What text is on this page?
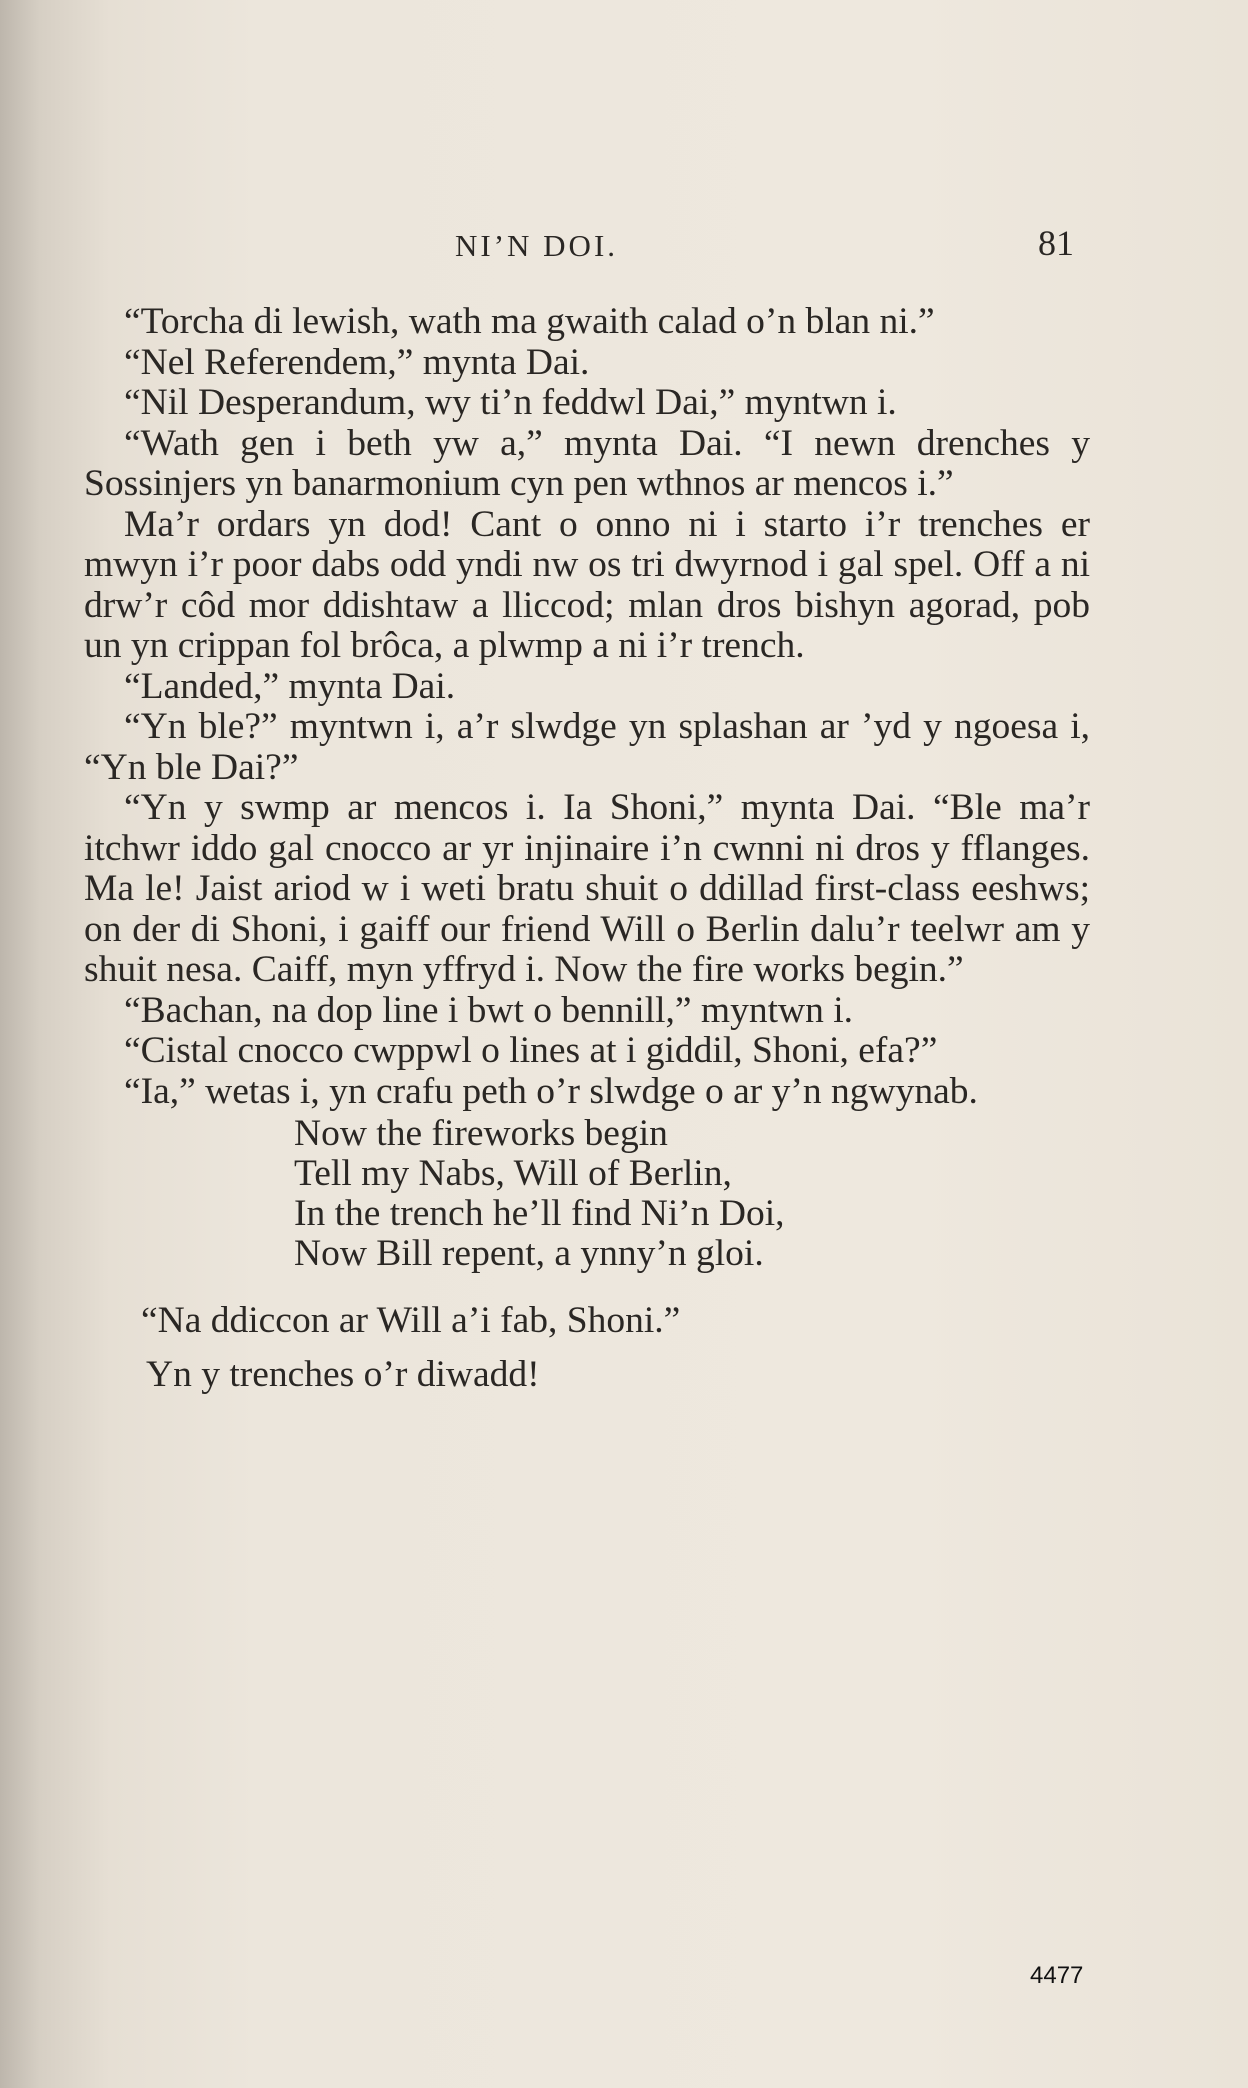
NI’N DOI.	81

“Torcha di lewish, wath ma gwaith calad o’n blan ni.”

“Nel Referendem,” mynta Dai.

“Nil Desperandum, wy ti’n feddwl Dai,” myntwn i.

“Wath gen i beth yw a,” mynta Dai. “I newn drenches y Sossinjers yn banarmonium cyn pen wthnos ar mencos i.”

Ma’r ordars yn dod! Cant o onno ni i starto i’r trenches er mwyn i’r poor dabs odd yndi nw os tri dwyrnod i gal spel. Off a ni drw’r côd mor ddishtaw a lliccod; mlan dros bishyn agorad, pob un yn crippan fol brôca, a plwmp a ni i’r trench.

“Landed,” mynta Dai.

“Yn ble?” myntwn i, a’r slwdge yn splashan ar ’yd y ngoesa i, “Yn ble Dai?”

“Yn y swmp ar mencos i. Ia Shoni,” mynta Dai. “Ble ma’r itchwr iddo gal cnocco ar yr injinaire i’n cwnni ni dros y fflanges. Ma le! Jaist ariod w i weti bratu shuit o ddillad first-class eeshws; on der di Shoni, i gaiff our friend Will o Berlin dalu’r teelwr am y shuit nesa. Caiff, myn yffryd i. Now the fire works begin.”

“Bachan, na dop line i bwt o bennill,” myntwn i.

“Cistal cnocco cwppwl o lines at i giddil, Shoni, efa?”

“Ia,” wetas i, yn crafu peth o’r slwdge o ar y’n ngwynab.

Now the fireworks begin
Tell my Nabs, Will of Berlin,
In the trench he’ll find Ni’n Doi,
Now Bill repent, a ynny’n gloi.

“Na ddiccon ar Will a’i fab, Shoni.”

Yn y trenches o’r diwadd!

4477
